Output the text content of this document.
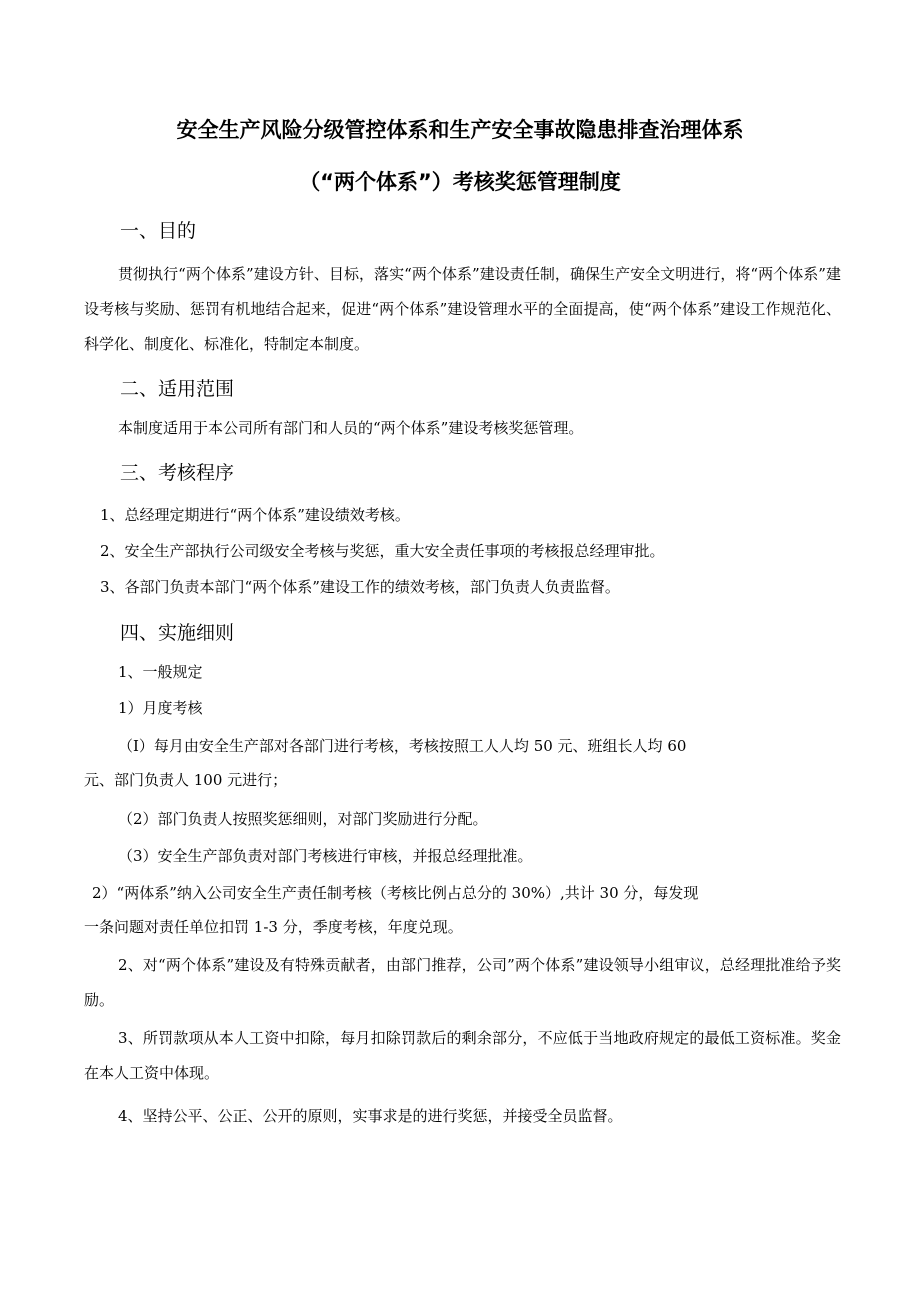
安全生产风险分级管控体系和生产安全事故隐患排查治理体系
（“两个体系”）考核奖惩管理制度
一、目的
贯彻执行“两个体系”建设方针、目标，落实“两个体系”建设责任制，确保生产安全文明进行，将“两个体系”建设考核与奖励、惩罚有机地结合起来，促进“两个体系”建设管理水平的全面提高，使“两个体系”建设工作规范化、科学化、制度化、标准化，特制定本制度。
二、适用范围
本制度适用于本公司所有部门和人员的“两个体系”建设考核奖惩管理。
三、考核程序
1、总经理定期进行“两个体系”建设绩效考核。
2、安全生产部执行公司级安全考核与奖惩，重大安全责任事项的考核报总经理审批。
3、各部门负责本部门“两个体系”建设工作的绩效考核，部门负责人负责监督。
四、实施细则
1、一般规定
1）月度考核
（I）每月由安全生产部对各部门进行考核，考核按照工人人均 50 元、班组长人均 60
元、部门负责人 100 元进行；
（2）部门负责人按照奖惩细则，对部门奖励进行分配。
（3）安全生产部负责对部门考核进行审核，并报总经理批准。
2）“两体系”纳入公司安全生产责任制考核（考核比例占总分的 30%）,共计 30 分，每发现
一条问题对责任单位扣罚 1-3 分，季度考核，年度兑现。
2、对“两个体系”建设及有特殊贡献者，由部门推荐，公司”两个体系”建设领导小组审议，总经理批准给予奖励。
3、所罚款项从本人工资中扣除，每月扣除罚款后的剩余部分，不应低于当地政府规定的最低工资标准。奖金在本人工资中体现。
4、坚持公平、公正、公开的原则，实事求是的进行奖惩，并接受全员监督。
